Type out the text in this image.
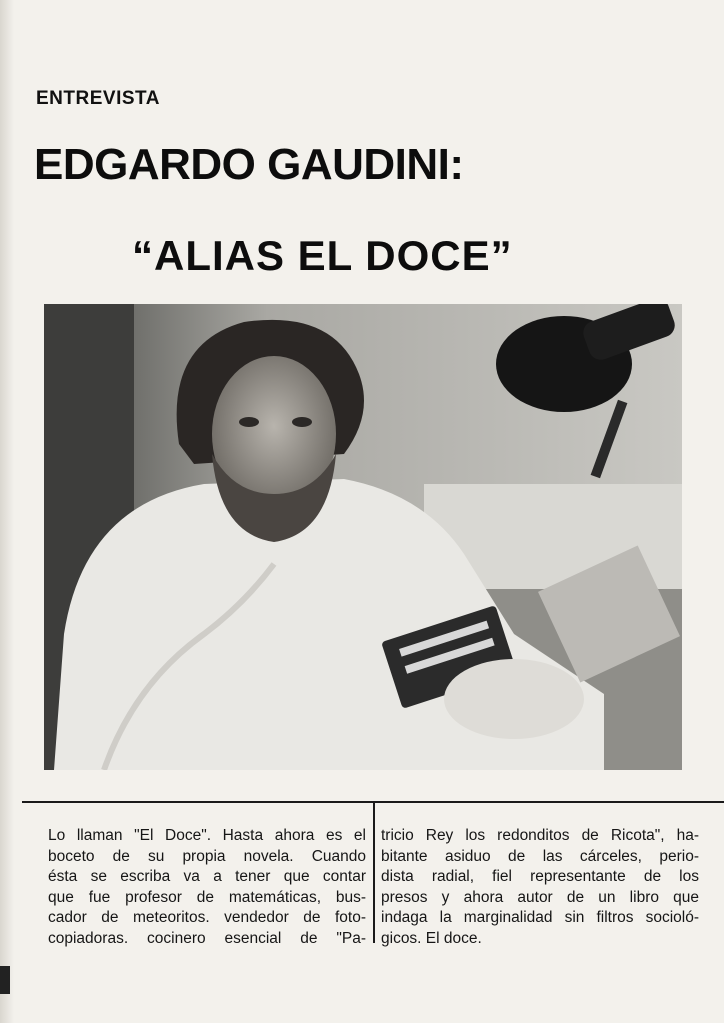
ENTREVISTA
EDGARDO GAUDINI:
“ALIAS EL DOCE”
Lo llaman "El Doce". Hasta ahora es el
boceto de su propia novela. Cuando
ésta se escriba va a tener que contar
que fue profesor de matemáticas, bus-
cador de meteoritos. vendedor de foto-
copiadoras. cocinero esencial de "Pa-
tricio Rey los redonditos de Ricota", ha-
bitante asiduo de las cárceles, perio-
dista radial, fiel representante de los
presos y ahora autor de un libro que
indaga la marginalidad sin filtros socioló-
gicos. El doce.
